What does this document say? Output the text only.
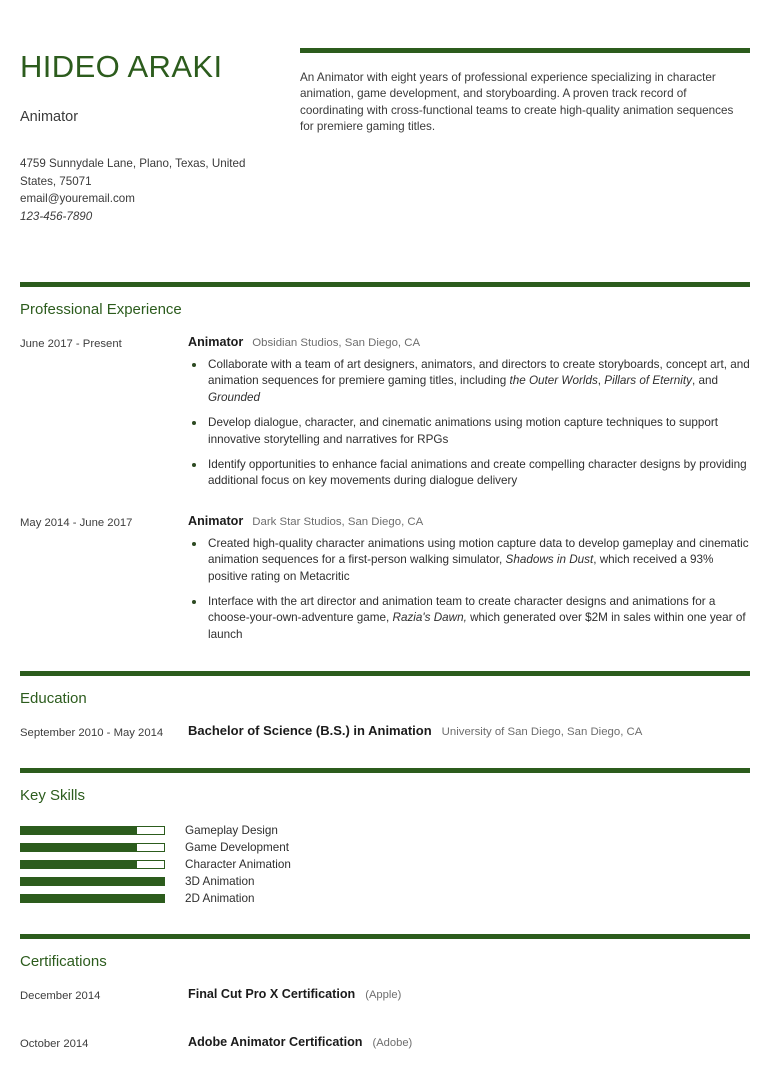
HIDEO ARAKI
Animator
4759 Sunnydale Lane, Plano, Texas, United
States, 75071
email@youremail.com
123-456-7890
An Animator with eight years of professional experience specializing in character animation, game development, and storyboarding. A proven track record of coordinating with cross-functional teams to create high-quality animation sequences for premiere gaming titles.
Professional Experience
June 2017 - Present	Animator Obsidian Studios, San Diego, CA
Collaborate with a team of art designers, animators, and directors to create storyboards, concept art, and animation sequences for premiere gaming titles, including the Outer Worlds, Pillars of Eternity, and Grounded
Develop dialogue, character, and cinematic animations using motion capture techniques to support innovative storytelling and narratives for RPGs
Identify opportunities to enhance facial animations and create compelling character designs by providing additional focus on key movements during dialogue delivery
May 2014 - June 2017	Animator Dark Star Studios, San Diego, CA
Created high-quality character animations using motion capture data to develop gameplay and cinematic animation sequences for a first-person walking simulator, Shadows in Dust, which received a 93% positive rating on Metacritic
Interface with the art director and animation team to create character designs and animations for a choose-your-own-adventure game, Razia's Dawn, which generated over $2M in sales within one year of launch
Education
September 2010 - May 2014	Bachelor of Science (B.S.) in Animation University of San Diego, San Diego, CA
Key Skills
Gameplay Design
Game Development
Character Animation
3D Animation
2D Animation
Certifications
December 2014	Final Cut Pro X Certification (Apple)
October 2014	Adobe Animator Certification (Adobe)
